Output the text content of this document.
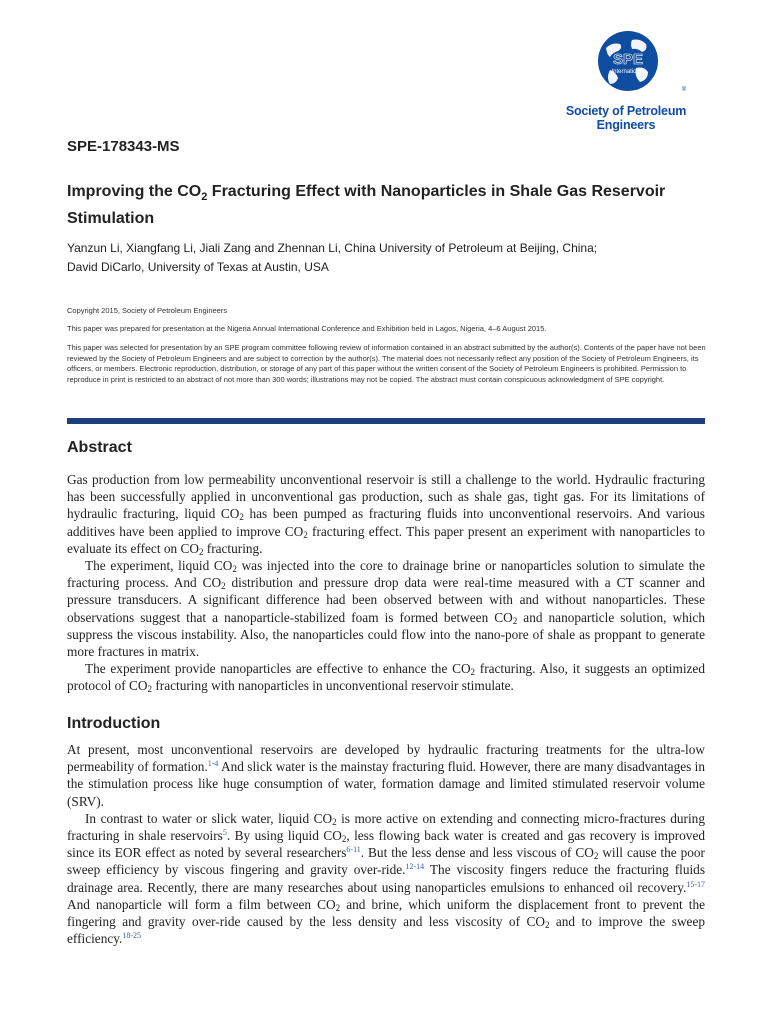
SPE
International
®
Society of Petroleum Engineers
SPE-178343-MS
Improving the $CO_2$ Fracturing Effect with Nanoparticles in Shale Gas Reservoir Stimulation
Yanzun Li, Xiangfang Li, Jiali Zang and Zhennan Li, China University of Petroleum at Beijing, China;
David DiCarlo, University of Texas at Austin, USA
Copyright 2015, Society of Petroleum Engineers
This paper was prepared for presentation at the Nigeria Annual International Conference and Exhibition held in Lagos, Nigeria, 4–6 August 2015.
This paper was selected for presentation by an SPE program committee following review of information contained in an abstract submitted by the author(s). Contents of the paper have not been reviewed by the Society of Petroleum Engineers and are subject to correction by the author(s). The material does not necessarily reflect any position of the Society of Petroleum Engineers, its officers, or members. Electronic reproduction, distribution, or storage of any part of this paper without the written consent of the Society of Petroleum Engineers is prohibited. Permission to reproduce in print is restricted to an abstract of not more than 300 words; illustrations may not be copied. The abstract must contain conspicuous acknowledgment of SPE copyright.
Abstract
Gas production from low permeability unconventional reservoir is still a challenge to the world. Hydraulic fracturing has been successfully applied in unconventional gas production, such as shale gas, tight gas. For its limitations of hydraulic fracturing, liquid $CO_2$ has been pumped as fracturing fluids into unconventional reservoirs. And various additives have been applied to improve $CO_2$ fracturing effect. This paper present an experiment with nanoparticles to evaluate its effect on $CO_2$ fracturing.
The experiment, liquid $CO_2$ was injected into the core to drainage brine or nanoparticles solution to simulate the fracturing process. And $CO_2$ distribution and pressure drop data were real-time measured with a CT scanner and pressure transducers. A significant difference had been observed between with and without nanoparticles. These observations suggest that a nanoparticle-stabilized foam is formed between $CO_2$ and nanoparticle solution, which suppress the viscous instability. Also, the nanoparticles could flow into the nano-pore of shale as proppant to generate more fractures in matrix.
The experiment provide nanoparticles are effective to enhance the $CO_2$ fracturing. Also, it suggests an optimized protocol of $CO_2$ fracturing with nanoparticles in unconventional reservoir stimulate.
Introduction
At present, most unconventional reservoirs are developed by hydraulic fracturing treatments for the ultra-low permeability of formation.$^{1-4}$ And slick water is the mainstay fracturing fluid. However, there are many disadvantages in the stimulation process like huge consumption of water, formation damage and limited stimulated reservoir volume (SRV).
In contrast to water or slick water, liquid $CO_2$ is more active on extending and connecting micro-fractures during fracturing in shale reservoirs$^5$. By using liquid $CO_2$, less flowing back water is created and gas recovery is improved since its EOR effect as noted by several researchers$^{6-11}$. But the less dense and less viscous of $CO_2$ will cause the poor sweep efficiency by viscous fingering and gravity over-ride.$^{12-14}$ The viscosity fingers reduce the fracturing fluids drainage area. Recently, there are many researches about using nanoparticles emulsions to enhanced oil recovery.$^{15-17}$ And nanoparticle will form a film between $CO_2$ and brine, which uniform the displacement front to prevent the fingering and gravity over-ride caused by the less density and less viscosity of $CO_2$ and to improve the sweep efficiency.$^{18-25}$
